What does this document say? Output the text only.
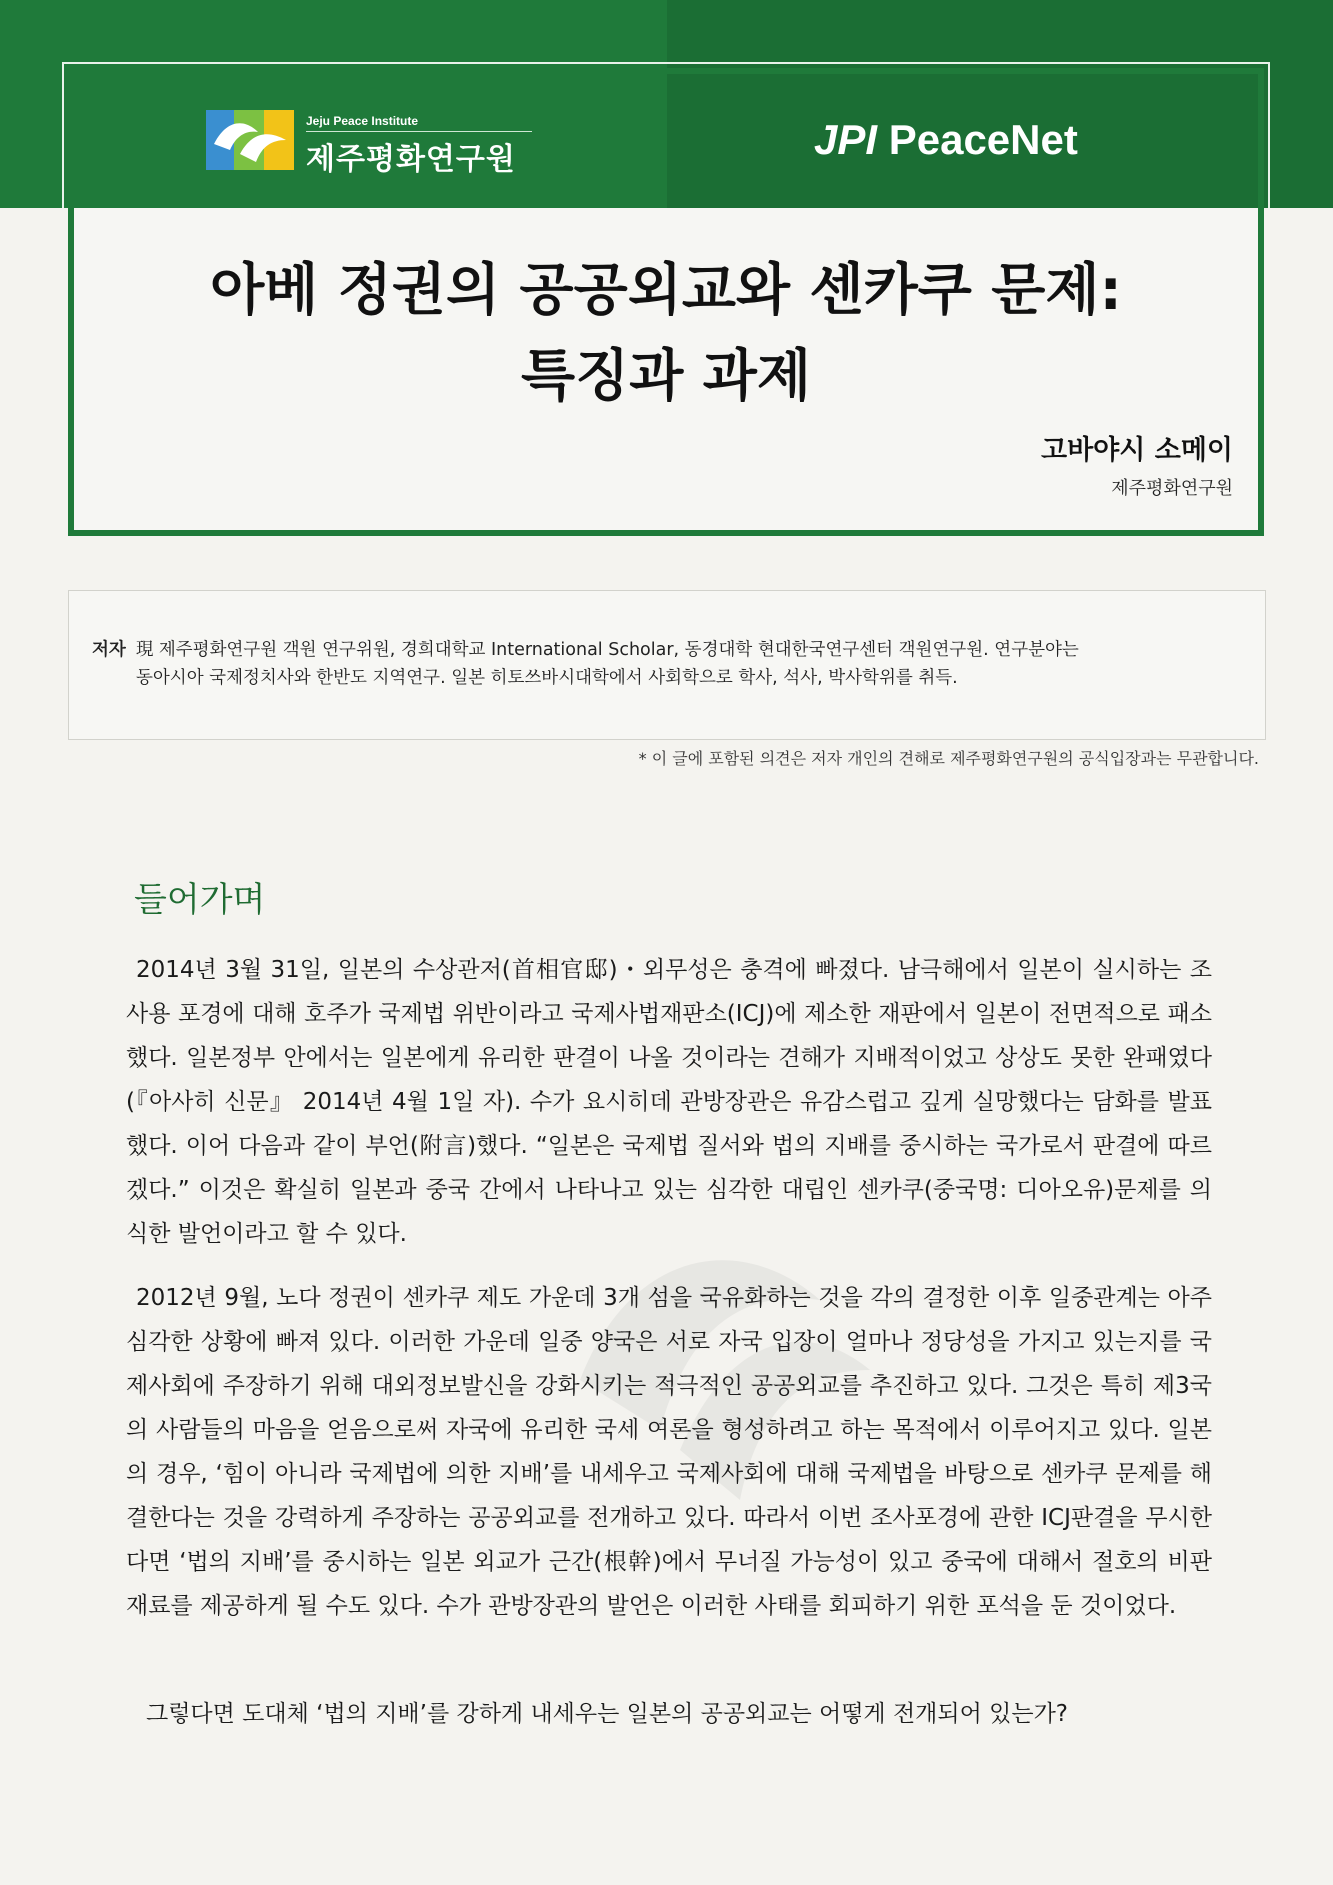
Jeju Peace Institute
제주평화연구원	JPI PeaceNet
아베 정권의 공공외교와 센카쿠 문제:
특징과 과제
고바야시 소메이
제주평화연구원
저자 現 제주평화연구원 객원 연구위원, 경희대학교 International Scholar, 동경대학 현대한국연구센터 객원연구원. 연구분야는
동아시아 국제정치사와 한반도 지역연구. 일본 히토쓰바시대학에서 사회학으로 학사, 석사, 박사학위를 취득.
* 이 글에 포함된 의견은 저자 개인의 견해로 제주평화연구원의 공식입장과는 무관합니다.
들어가며

2014년 3월 31일, 일본의 수상관저(首相官邸)・외무성은 충격에 빠졌다. 남극해에서 일본이 실시하는 조사용 포경에 대해 호주가 국제법 위반이라고 국제사법재판소(ICJ)에 제소한 재판에서 일본이 전면적으로 패소했다. 일본정부 안에서는 일본에게 유리한 판결이 나올 것이라는 견해가 지배적이었고 상상도 못한 완패였다(『아사히 신문』 2014년 4월 1일 자). 수가 요시히데 관방장관은 유감스럽고 깊게 실망했다는 담화를 발표했다. 이어 다음과 같이 부언(附言)했다. “일본은 국제법 질서와 법의 지배를 중시하는 국가로서 판결에 따르겠다.” 이것은 확실히 일본과 중국 간에서 나타나고 있는 심각한 대립인 센카쿠(중국명: 디아오유)문제를 의식한 발언이라고 할 수 있다.

2012년 9월, 노다 정권이 센카쿠 제도 가운데 3개 섬을 국유화하는 것을 각의 결정한 이후 일중관계는 아주 심각한 상황에 빠져 있다. 이러한 가운데 일중 양국은 서로 자국 입장이 얼마나 정당성을 가지고 있는지를 국제사회에 주장하기 위해 대외정보발신을 강화시키는 적극적인 공공외교를 추진하고 있다. 그것은 특히 제3국의 사람들의 마음을 얻음으로써 자국에 유리한 국세 여론을 형성하려고 하는 목적에서 이루어지고 있다. 일본의 경우, ‘힘이 아니라 국제법에 의한 지배’를 내세우고 국제사회에 대해 국제법을 바탕으로 센카쿠 문제를 해결한다는 것을 강력하게 주장하는 공공외교를 전개하고 있다. 따라서 이번 조사포경에 관한 ICJ판결을 무시한다면 ‘법의 지배’를 중시하는 일본 외교가 근간(根幹)에서 무너질 가능성이 있고 중국에 대해서 절호의 비판 재료를 제공하게 될 수도 있다. 수가 관방장관의 발언은 이러한 사태를 회피하기 위한 포석을 둔 것이었다.

그렇다면 도대체 ‘법의 지배’를 강하게 내세우는 일본의 공공외교는 어떻게 전개되어 있는가?
